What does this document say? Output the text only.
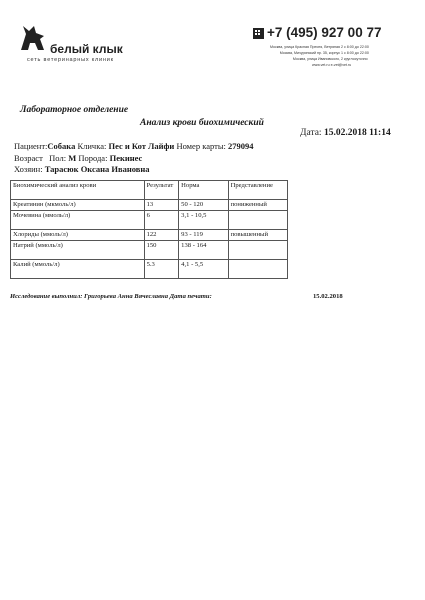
белый клык
сеть ветеринарных клиник
+7 (495) 927 00 77
Москва, улица Красная Пресня, Ветряная 2
Москва, Мичуринский пр. 35, корпус 1
Москва, улица Ивановского, 2
с 8:00 до 22:00
с 8:00 до 22:00
круглосуточно
www.vet.ru e-vet@vet.ru
Лабораторное отделение
Анализ крови биохимический
Дата: 15.02.2018 11:14
Пациент:Собака Кличка: Пес и Кот Лайфи Номер карты: 279094
Возраст Пол: М Порода: Пекинес
Хозяин: Тарасюк Оксана Ивановна
Биохимический анализ крови	Результат	Норма	Представление
Креатинин (мкмоль/л)	13	50 - 120	пониженный
Мочевина (ммоль/л)	6	3,1 - 10,5	
Хлориды (ммоль/л)	122	93 - 119	повышенный
Натрий (ммоль/л)	150	138 - 164	
Калий (ммоль/л)	5.3	4,1 - 5,5	
Исследование выполнил: Григорьева Анна Вячеславна Дата печати:	15.02.2018
